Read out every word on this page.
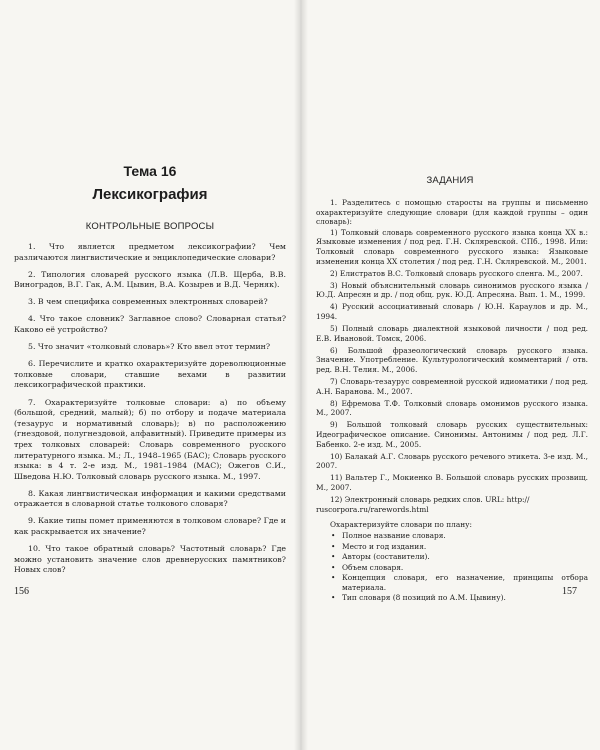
Тема 16
Лексикография
КОНТРОЛЬНЫЕ ВОПРОСЫ

1. Что является предметом лексикографии? Чем различаются лингвистические и энциклопедические словари?

2. Типология словарей русского языка (Л.В. Щерба, В.В. Виноградов, В.Г. Гак, А.М. Цывин, В.А. Козырев и В.Д. Черняк).

3. В чем специфика современных электронных словарей?

4. Что такое словник? Заглавное слово? Словарная статья? Каково её устройство?

5. Что значит «толковый словарь»? Кто ввел этот термин?

6. Перечислите и кратко охарактеризуйте дореволюционные толковые словари, ставшие вехами в развитии лексикографической практики.

7. Охарактеризуйте толковые словари: а) по объему (большой, средний, малый); б) по отбору и подаче материала (тезаурус и нормативный словарь); в) по расположению (гнездовой, полугнездовой, алфавитный). Приведите примеры из трех толковых словарей: Словарь современного русского литературного языка. М.; Л., 1948–1965 (БАС); Словарь русского языка: в 4 т. 2-е изд. М., 1981–1984 (МАС); Ожегов С.И., Шведова Н.Ю. Толковый словарь русского языка. М., 1997.

8. Какая лингвистическая информация и какими средствами отражается в словарной статье толкового словаря?

9. Какие типы помет применяются в толковом словаре? Где и как раскрывается их значение?

10. Что такое обратный словарь? Частотный словарь? Где можно установить значение слов древнерусских памятников? Новых слов?

156
ЗАДАНИЯ

1. Разделитесь с помощью старосты на группы и письменно охарактеризуйте следующие словари (для каждой группы – один словарь):

1) Толковый словарь современного русского языка конца XX в.: Языковые изменения / под ред. Г.Н. Скляревской. СПб., 1998. Или: Толковый словарь современного русского языка: Языковые изменения конца XX столетия / под ред. Г.Н. Скляревской. М., 2001.

2) Елистратов В.С. Толковый словарь русского сленга. М., 2007.

3) Новый объяснительный словарь синонимов русского языка / Ю.Д. Апресян и др. / под общ. рук. Ю.Д. Апресяна. Вып. 1. М., 1999.

4) Русский ассоциативный словарь / Ю.Н. Караулов и др. М., 1994.

5) Полный словарь диалектной языковой личности / под ред. Е.В. Ивановой. Томск, 2006.

6) Большой фразеологический словарь русского языка. Значение. Употребление. Культурологический комментарий / отв. ред. В.Н. Телия. М., 2006.

7) Словарь-тезаурус современной русской идиоматики / под ред. А.Н. Баранова. М., 2007.

8) Ефремова Т.Ф. Толковый словарь омонимов русского языка. М., 2007.

9) Большой толковый словарь русских существительных: Идеографическое описание. Синонимы. Антонимы / под ред. Л.Г. Бабенко. 2-е изд. М., 2005.

10) Балакай А.Г. Словарь русского речевого этикета. 3-е изд. М., 2007.

11) Вальтер Г., Мокиенко В. Большой словарь русских прозвищ. М., 2007.

12) Электронный словарь редких слов. URL: http://
ruscorpora.ru/rarewords.html

Охарактеризуйте словари по плану:

• Полное название словаря.
• Место и год издания.
• Авторы (составители).
• Объем словаря.
• Концепция словаря, его назначение, принципы отбора материала.
• Тип словаря (8 позиций по А.М. Цывину).
157
